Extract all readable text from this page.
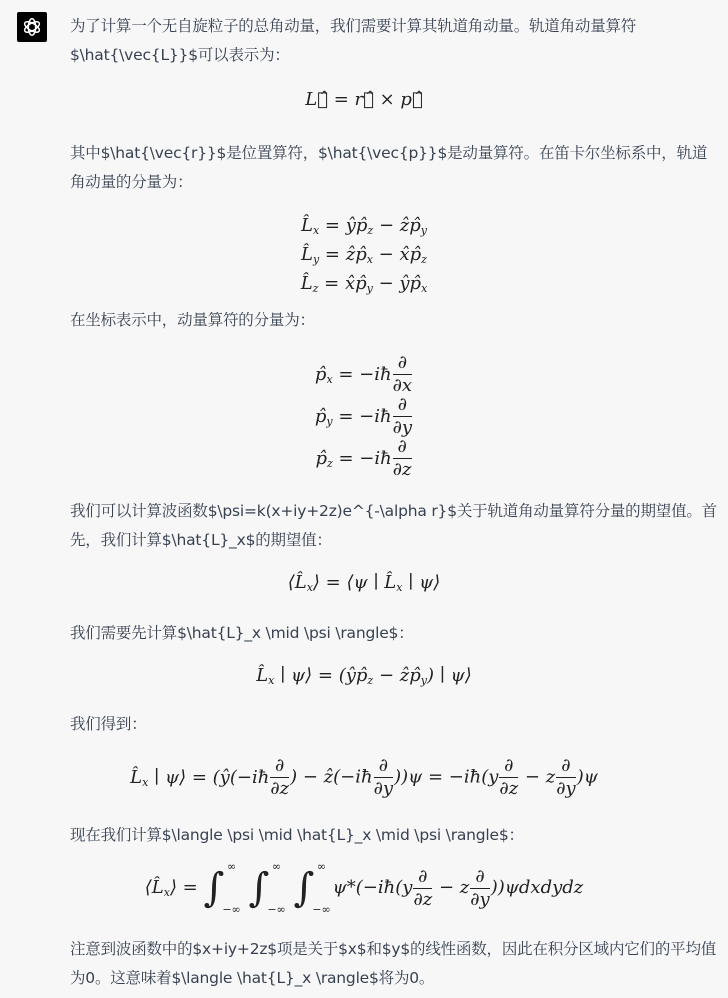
为了计算一个无自旋粒子的总角动量，我们需要计算其轨道角动量。轨道角动量算符$\hat{\vec{L}}$可以表示为：
L⃗̂ = r⃗̂ × p⃗̂
其中$\hat{\vec{r}}$是位置算符，$\hat{\vec{p}}$是动量算符。在笛卡尔坐标系中，轨道角动量的分量为：
$L̂_x$ = $ŷp̂_z$ − $ẑp̂_y$
$L̂_y$ = $ẑp̂_x$ − $x̂p̂_z$
$L̂_z$ = $x̂p̂_y$ − $ŷp̂_x$
在坐标表示中，动量算符的分量为：
$p̂_x$ = −iħ $\frac{\partial}{\partial x}$
$p̂_y$ = −iħ $\frac{\partial}{\partial y}$
$p̂_z$ = −iħ $\frac{\partial}{\partial z}$
我们可以计算波函数$\psi=k(x+iy+2z)e^{-\alpha r}$关于轨道角动量算符分量的期望值。首先，我们计算$\hat{L}_x$的期望值：
$⟨L̂_x⟩$ = ⟨ψ ∣ $L̂_x$ ∣ ψ⟩
我们需要先计算$\hat{L}_x \mid \psi \rangle$：
$L̂_x$ ∣ ψ⟩ = ($ŷp̂_z$ − $ẑp̂_y$) ∣ ψ⟩
我们得到：
$L̂_x$ ∣ ψ⟩ = (ŷ(−iħ $\frac{\partial}{\partial z}$ ) − ẑ(−iħ $\frac{\partial}{\partial y} ))\psi$ = −iħ(y $\frac{\partial}{\partial z} - z \frac{\partial}{\partial y} )\psi$
现在我们计算$\langle \psi \mid \hat{L}_x \mid \psi \rangle$：
$⟨L̂_x⟩$ = ∫ ∞
−∞
∫ ∞
−∞
∫ ∞
−∞
ψ*(−iħ(y $\frac{\partial}{\partial z} - z \frac{\partial}{\partial y}$ ))ψdxdydz
注意到波函数中的$x+iy+2z$项是关于$x$和$y$的线性函数，因此在积分区域内它们的平均值为0。这意味着$\langle \hat{L}_x \rangle$将为0。
